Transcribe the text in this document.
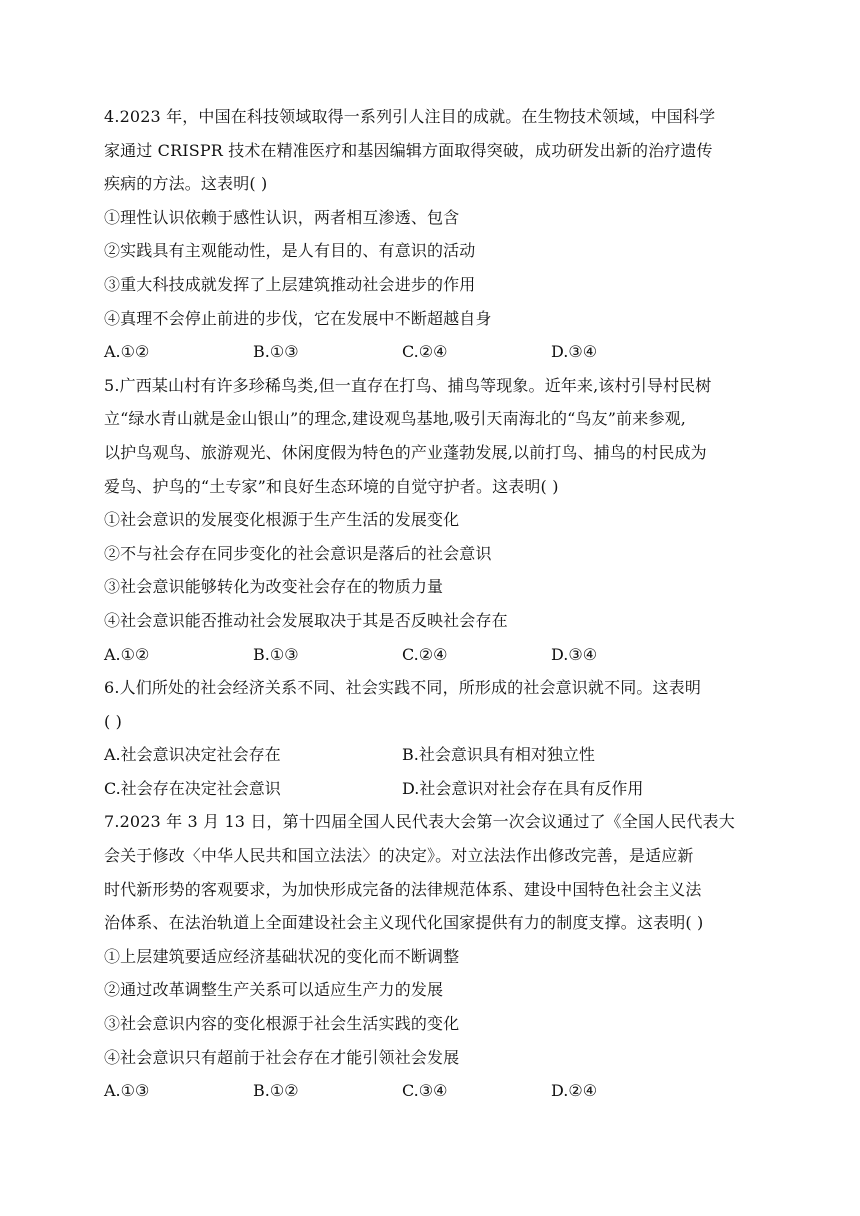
4.2023 年，中国在科技领域取得一系列引人注目的成就。在生物技术领域，中国科学
家通过 CRISPR 技术在精准医疗和基因编辑方面取得突破，成功研发出新的治疗遗传
疾病的方法。这表明( )
①理性认识依赖于感性认识，两者相互渗透、包含
②实践具有主观能动性，是人有目的、有意识的活动
③重大科技成就发挥了上层建筑推动社会进步的作用
④真理不会停止前进的步伐，它在发展中不断超越自身
A.①②	B.①③	C.②④	D.③④
5.广西某山村有许多珍稀鸟类,但一直存在打鸟、捕鸟等现象。近年来,该村引导村民树
立“绿水青山就是金山银山”的理念,建设观鸟基地,吸引天南海北的“鸟友”前来参观,
以护鸟观鸟、旅游观光、休闲度假为特色的产业蓬勃发展,以前打鸟、捕鸟的村民成为
爱鸟、护鸟的“土专家”和良好生态环境的自觉守护者。这表明( )
①社会意识的发展变化根源于生产生活的发展变化
②不与社会存在同步变化的社会意识是落后的社会意识
③社会意识能够转化为改变社会存在的物质力量
④社会意识能否推动社会发展取决于其是否反映社会存在
A.①②	B.①③	C.②④	D.③④
6.人们所处的社会经济关系不同、社会实践不同，所形成的社会意识就不同。这表明
( )
A.社会意识决定社会存在	B.社会意识具有相对独立性
C.社会存在决定社会意识	D.社会意识对社会存在具有反作用
7.2023 年 3 月 13 日，第十四届全国人民代表大会第一次会议通过了《全国人民代表大
会关于修改〈中华人民共和国立法法〉的决定》。对立法法作出修改完善，是适应新
时代新形势的客观要求，为加快形成完备的法律规范体系、建设中国特色社会主义法
治体系、在法治轨道上全面建设社会主义现代化国家提供有力的制度支撑。这表明( )
①上层建筑要适应经济基础状况的变化而不断调整
②通过改革调整生产关系可以适应生产力的发展
③社会意识内容的变化根源于社会生活实践的变化
④社会意识只有超前于社会存在才能引领社会发展
A.①③	B.①②	C.③④	D.②④
